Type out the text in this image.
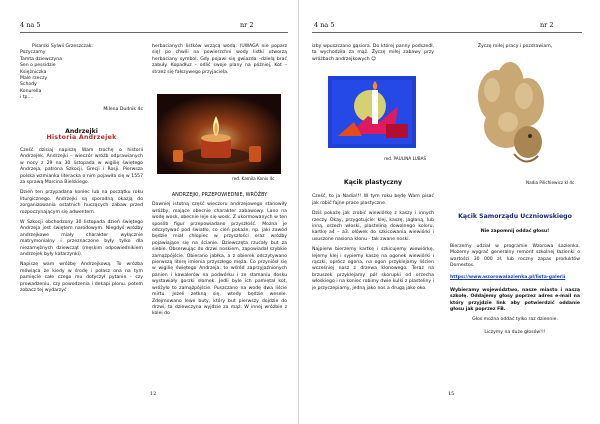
4 na 5	nr 2
Pisarski Sylwii Grzeszczak:
Pozyczamy
Tamta dziewczyna
Sen o pessidzie
Księżniczka
Male rzeczy
Schody
Konurella
i tp….
Milena Dudnik 4c
Andrzejki
Historia Andrzejek

Cześć dzisiaj napiszę Wam trochę o historii Andrzejek. Andrzejki – wieczór wróżb odprawianych w nocy z 29 na 30 listopada w wigilię świętego Andrzeja, patrona Szkocji, Grecji i Rosji. Pierwsza polska wzmianka literacka o nim pojawiła się w 1557 za sprawą Marcina Bielskiego.

Dzień ten przypadana koniec lub na początku roku liturgicznego. Andrzejki są sporadną okazją do zorganizowania ostatnich huczących zabaw przed rozpoczynającym się adwentem.

W Szkocji obchodzony 30 listopada dzień świętego Andrzeja jest świętem narodowym. Niegdyś wróżby andrzejkowe miały charakter wyłącznie matrymonialny i przeznaczone były tylko dla niezamężnych dziewcząt (męskim odpowiednikiem andrzejek były katarzynki).

Napiszę wam wróżbę Andrzejkową. To wróżba mówiąca że kiedy w środę i połasz ona na tym pamięcie całe czego mu dotyczył pytanie - czy prowadzeniu, czy powodzenia i dekapi plonu. potem zobacz tej wydarzyć

herbacianych listków wrzącą wodą. (UWAGA nie poparz się) po chwili na powierzchni wody listki utworzą herbaciany symbol. Gdy pojawi się gwiazda –dzielą brać zabuły. Kopadłuz – odlić swoje plany na później, Kot – strzeż się fałszywego przyjaciela.

red. Kamila Konis 4c
ANDRZEJKI, PRZEPOWIEDNIE, WRÓŻBY

Dawniej istotną część wieczoru andrzejowego stanowiły wróżby, mające obecnie charakter zabawowy. Lano na wodę wosk, obecnie leje się wosk. Z ukormowanych w ten sposób figur przepowiadano przyszłość. Można je odczytywać pod światło, co cień pokaże, np. jaki zawód będzie miał chłopiec w przyszłości oraz wróżby pojawiające się na ścianie. Dziewczęta rzucały but za siebie. Obserwując do drzwi noskiem, zapowiadał szybkie zamążpójście. Obierano jabłka, a z obierek odczytywano pierwszą literę imienia przyszłego męża. Co przyniósł się w wigilię świętego Andrzeja, to wśród zaprzyjaźnionych panien i kawalerów na podwórku i ze słamaniu dosku wystawiały gorzki słomek. Jedli byle ich pamiętał kot, wróżyło to zamążpójście. Puszczano na wodę dwa liście mirtu. Jeżeli zetkną się, wtedy będzie wesele. Zdejmowano lewe buty, który but pierwszy dojdzie do drzwi, ta dziewczyna wyjdzie za mąż. W innej wróżbie z kolei do

12
4 na 5	nr 2

izby wpuszczano gąsiora. Do której panny podszedł, ta wychodziła za mąż. Życzę miłej zabawy przy wróżbach andrzejkowych ☺

red. PAULINA LUBAS
Kącik plastyczny

Cześć, to ja Nadia!!! W tym roku będę Wam pisać jak robić fajne prace plastyczne.

Dziś pokażę jak zrobić wiewiórkę z kaszy i innych rzeczy. Okay, przygotujcie: klej, kaszę, jagłaną, lub inną, orzech włoski, plasteliną dowolnego koloru, kartkę a4 – a3. ołówek do szkicowania wiewiórki i ususzone nasiona klonu - tak zwane noski.

Najpierw bierzemy kartkę i szkicujemy wiewiórkę, lejemy klej i sypiemy kaszę na ogonek wiewiórki i rączki, oprócz ogona, na ogon przyklejamy liścien wcześniej nasz z drzewa klonowego. Teraz na brzuszek przyklejamy pół skorupki od orzecha włoskiego i na koniec robimy dwie kulki z plasteliny i je przyczepiamy, jedną jako nos a drugą jako oko.

Życzę miłej pracy i pozdrawiam,
Nadia Pilichiewicz kl 4c
Kącik Samorządu Uczniowskiego
Nie zapomnij oddać głosu!

Bierzemy udział w programie Wzorowa Łazienka. Możemy wygrać generalny remont szkolnej łazienki o wartości 30 000 zł, lub roczny zapas produktów Domestos.

https://www.wzorowalazienka.pl/lista-galerii

Wybieramy województwo, nasze miasto i naszą szkołę. Oddajemy głosy poprzez adres e-mail na który przyjdzie link aby potwierdzić oddanie głosu jak poprzez FB.

Głos można oddać tylko raz dziennie.

Liczymy na duże głosów!!!

15
